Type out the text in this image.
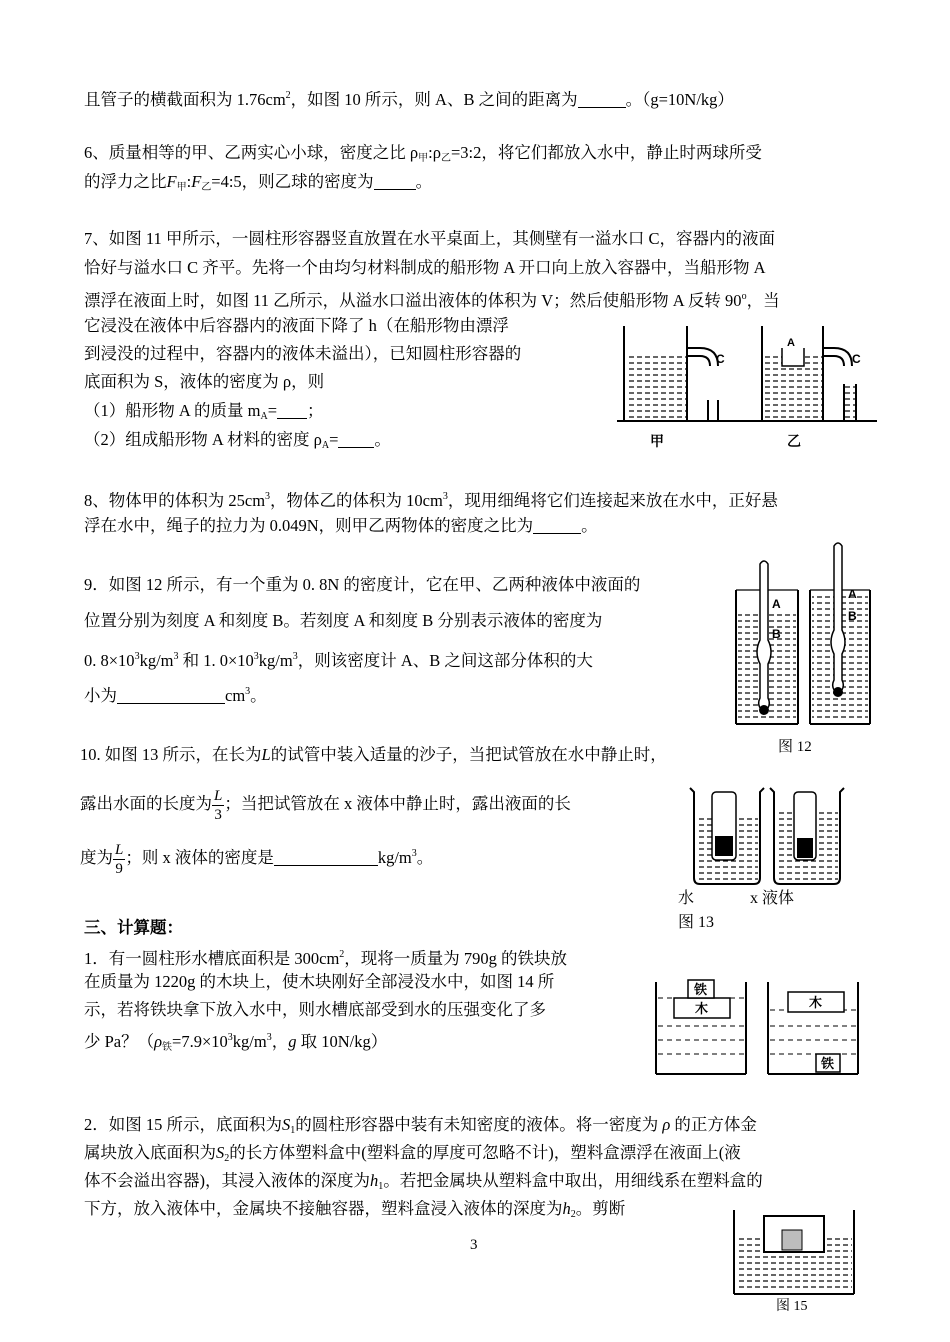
且管子的横截面积为 $1.76cm^2$，如图 10 所示，则 A、B 之间的距离为	。（g=10N/kg）
6、质量相等的甲、乙两实心小球，密度之比 $\rho_甲:\rho_乙=3:2$，将它们都放入水中，静止时两球所受
的浮力之比$F_甲:F_乙=4:5$，则乙球的密度为	。
7、如图 11 甲所示，一圆柱形容器竖直放置在水平桌面上，其侧壁有一溢水口 C，容器内的液面
恰好与溢水口 C 齐平。先将一个由均匀材料制成的船形物 A 开口向上放入容器中，当船形物 A
漂浮在液面上时，如图 11 乙所示，从溢水口溢出液体的体积为 V；然后使船形物 A 反转 90$^o$，当
它浸没在液体中后容器内的液面下降了 h（在船形物由漂浮
到浸没的过程中，容器内的液体未溢出），已知圆柱形容器的
底面积为 S，液体的密度为 ρ，则
（1）船形物 A 的质量 $m_A=$ ；
（2）组成船形物 A 材料的密度 $\rho_A=$ 。
C	C
A
甲	乙
8、物体甲的体积为 $25cm^3$，物体乙的体积为 $10cm^3$，现用细绳将它们连接起来放在水中，正好悬
浮在水中，绳子的拉力为 0.049N，则甲乙两物体的密度之比为	。
9．如图 12 所示，有一个重为 0. 8N 的密度计，它在甲、乙两种液体中液面的
位置分别为刻度 A 和刻度 B。若刻度 A 和刻度 B 分别表示液体的密度为
0. $8\times 10^3kg/m^3$ 和 1. $0\times 10^3kg/m^3$，则该密度计 A、B 之间这部分体积的大
小为	$cm^3$。
A
B
A
B
图 12
10. 如图 13 所示，在长为L的试管中装入适量的沙子，当把试管放在水中静止时，
露出水面的长度为 $\frac{L}{3}$ ；当把试管放在 x 液体中静止时，露出液面的长
度为 $\frac{L}{9}$ ；则 x 液体的密度是	$kg/m^3$。
水	x 液体
图 13
三、计算题：
1．有一圆柱形水槽底面积是 $300cm^2$，现将一质量为 790g 的铁块放
在质量为 1220g 的木块上，使木块刚好全部浸没水中，如图 14 所
示，若将铁块拿下放入水中，则水槽底部受到水的压强变化了多
少 Pa？（$\rho_铁=7.9\times 10^3kg/m^3$，g 取 10N/kg）
铁
木	木
铁
2．如图 15 所示，底面积为$S_1$的圆柱形容器中装有未知密度的液体。将一密度为 ρ 的正方体金
属块放入底面积为$S_2$的长方体塑料盒中(塑料盒的厚度可忽略不计)，塑料盒漂浮在液面上(液
体不会溢出容器)，其浸入液体的深度为$h_1$。若把金属块从塑料盒中取出，用细线系在塑料盒的
下方，放入液体中，金属块不接触容器，塑料盒浸入液体的深度为$h_2$。剪断
图 15
3
